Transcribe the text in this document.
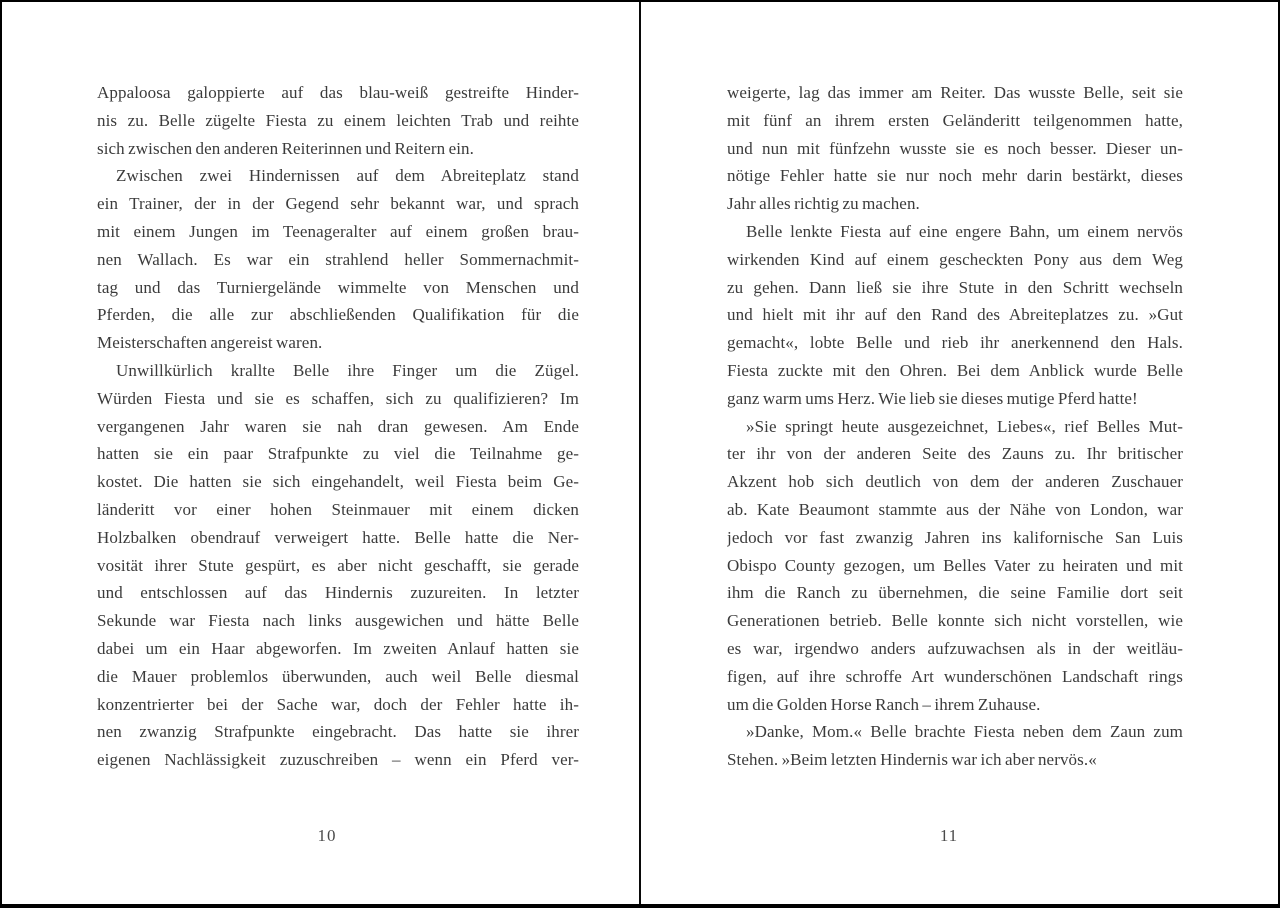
Appaloosa galoppierte auf das blau-weiß gestreifte Hinder-
nis zu. Belle zügelte Fiesta zu einem leichten Trab und reihte
sich zwischen den anderen Reiterinnen und Reitern ein.
Zwischen zwei Hindernissen auf dem Abreiteplatz stand
ein Trainer, der in der Gegend sehr bekannt war, und sprach
mit einem Jungen im Teenageralter auf einem großen brau-
nen Wallach. Es war ein strahlend heller Sommernachmit-
tag und das Turniergelände wimmelte von Menschen und
Pferden, die alle zur abschließenden Qualifikation für die
Meisterschaften angereist waren.
Unwillkürlich krallte Belle ihre Finger um die Zügel.
Würden Fiesta und sie es schaffen, sich zu qualifizieren? Im
vergangenen Jahr waren sie nah dran gewesen. Am Ende
hatten sie ein paar Strafpunkte zu viel die Teilnahme ge-
kostet. Die hatten sie sich eingehandelt, weil Fiesta beim Ge-
länderitt vor einer hohen Steinmauer mit einem dicken
Holzbalken obendrauf verweigert hatte. Belle hatte die Ner-
vosität ihrer Stute gespürt, es aber nicht geschafft, sie gerade
und entschlossen auf das Hindernis zuzureiten. In letzter
Sekunde war Fiesta nach links ausgewichen und hätte Belle
dabei um ein Haar abgeworfen. Im zweiten Anlauf hatten sie
die Mauer problemlos überwunden, auch weil Belle diesmal
konzentrierter bei der Sache war, doch der Fehler hatte ih-
nen zwanzig Strafpunkte eingebracht. Das hatte sie ihrer
eigenen Nachlässigkeit zuzuschreiben – wenn ein Pferd ver-
10
weigerte, lag das immer am Reiter. Das wusste Belle, seit sie
mit fünf an ihrem ersten Geländeritt teilgenommen hatte,
und nun mit fünfzehn wusste sie es noch besser. Dieser un-
nötige Fehler hatte sie nur noch mehr darin bestärkt, dieses
Jahr alles richtig zu machen.
Belle lenkte Fiesta auf eine engere Bahn, um einem nervös
wirkenden Kind auf einem gescheckten Pony aus dem Weg
zu gehen. Dann ließ sie ihre Stute in den Schritt wechseln
und hielt mit ihr auf den Rand des Abreiteplatzes zu. »Gut
gemacht«, lobte Belle und rieb ihr anerkennend den Hals.
Fiesta zuckte mit den Ohren. Bei dem Anblick wurde Belle
ganz warm ums Herz. Wie lieb sie dieses mutige Pferd hatte!
»Sie springt heute ausgezeichnet, Liebes«, rief Belles Mut-
ter ihr von der anderen Seite des Zauns zu. Ihr britischer
Akzent hob sich deutlich von dem der anderen Zuschauer
ab. Kate Beaumont stammte aus der Nähe von London, war
jedoch vor fast zwanzig Jahren ins kalifornische San Luis
Obispo County gezogen, um Belles Vater zu heiraten und mit
ihm die Ranch zu übernehmen, die seine Familie dort seit
Generationen betrieb. Belle konnte sich nicht vorstellen, wie
es war, irgendwo anders aufzuwachsen als in der weitläu-
figen, auf ihre schroffe Art wunderschönen Landschaft rings
um die Golden Horse Ranch – ihrem Zuhause.
»Danke, Mom.« Belle brachte Fiesta neben dem Zaun zum
Stehen. »Beim letzten Hindernis war ich aber nervös.«
11
